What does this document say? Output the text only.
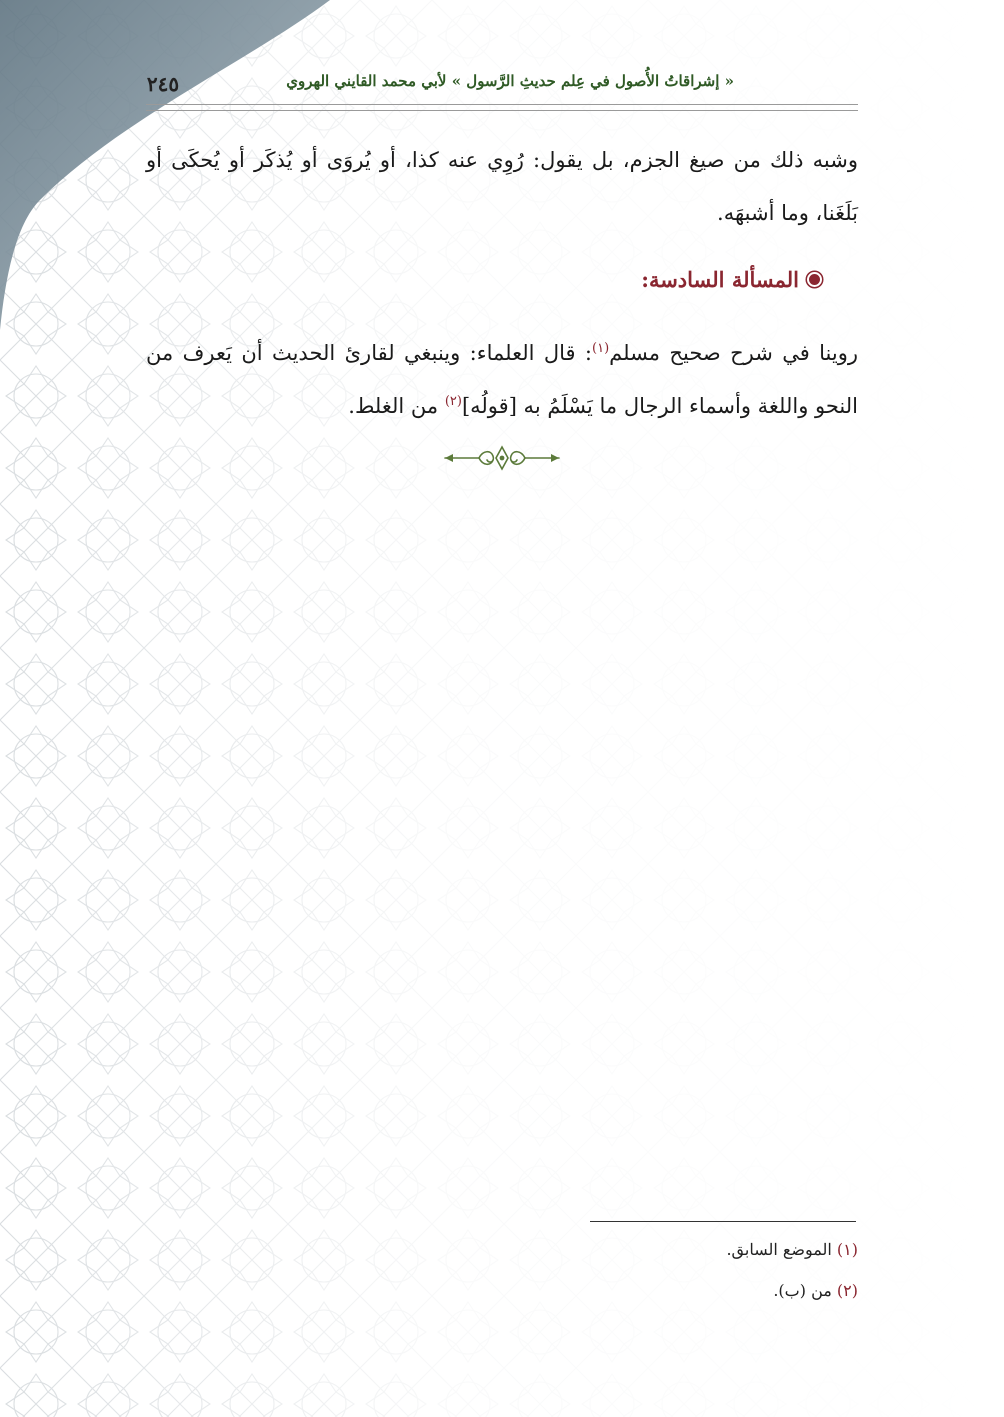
٢٤٥	« إشراقاتُ الأُصول في عِلم حديثِ الرَّسول » لأبي محمد القايني الهروي
وشبه ذلك من صيغ الجزم، بل يقول: رُوِي عنه كذا، أو يُروَى أو يُذكَر أو يُحكَى أو بَلَغَنا، وما أشبهَه.
المسألة السادسة:
روينا في شرح صحيح مسلم$^{(١)}$: قال العلماء: وينبغي لقارئ الحديث أن يَعرف من النحو واللغة وأسماء الرجال ما يَسْلَمُ به [قولُه]$^{(٢)}$ من الغلط.
(١) الموضع السابق.
(٢) من (ب).
